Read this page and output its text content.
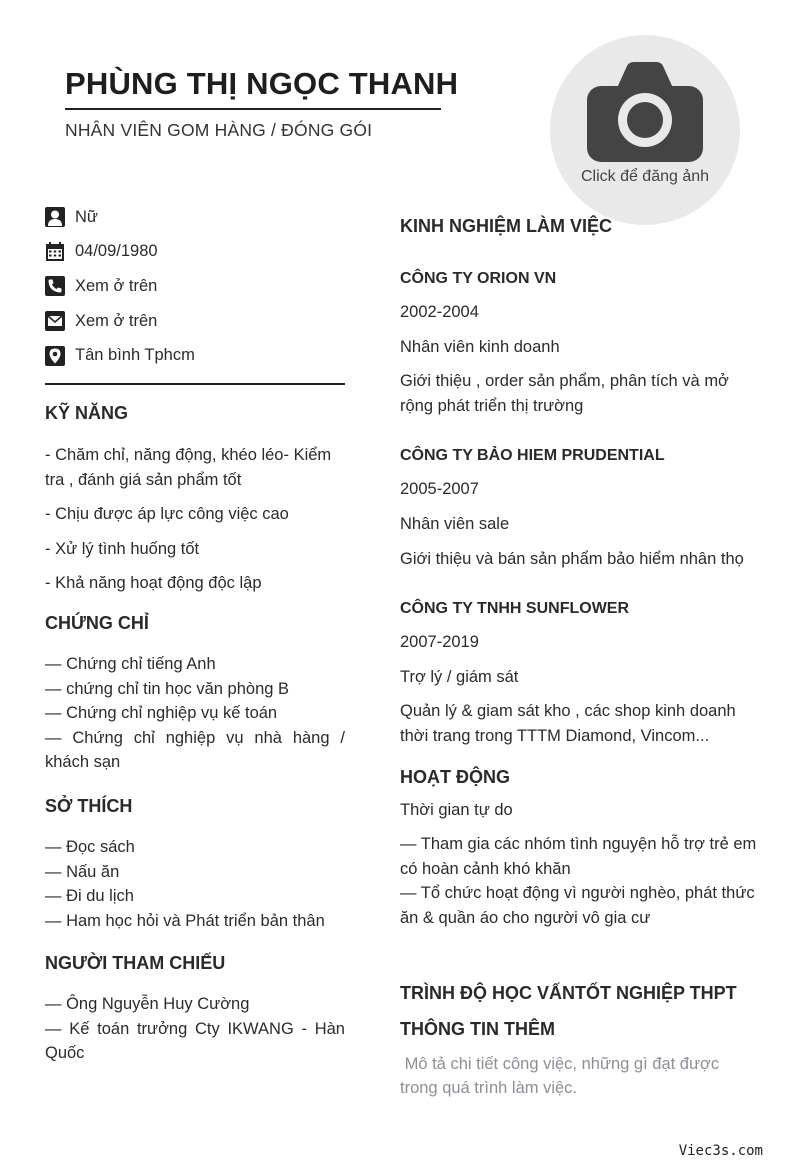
PHÙNG THỊ NGỌC THANH
NHÂN VIÊN GOM HÀNG / ĐÓNG GÓI
Click để đăng ảnh
Nữ
04/09/1980
Xem ở trên
Xem ở trên
Tân bình Tphcm
KỸ NĂNG
- Chăm chỉ, năng động, khéo léo- Kiểm tra , đánh giá sản phẩm tốt
- Chịu được áp lực công việc cao
- Xử lý tình huống tốt
- Khả năng hoạt động độc lập
CHỨNG CHỈ
— Chứng chỉ tiếng Anh
— chứng chỉ tin học văn phòng B
— Chứng chỉ nghiệp vụ kế toán
— Chứng chỉ nghiệp vụ nhà hàng / khách sạn
SỞ THÍCH
— Đọc sách
— Nấu ăn
— Đi du lịch
— Ham học hỏi và Phát triển bản thân
NGƯỜI THAM CHIẾU
— Ông Nguyễn Huy Cường
— Kế toán trưởng Cty IKWANG - Hàn Quốc
KINH NGHIỆM LÀM VIỆC
CÔNG TY ORION VN
2002-2004
Nhân viên kinh doanh
Giới thiệu , order sản phẩm, phân tích và mở rộng phát triển thị trường
CÔNG TY BẢO HIEM PRUDENTIAL
2005-2007
Nhân viên sale
Giới thiệu và bán sản phẩm bảo hiểm nhân thọ
CÔNG TY TNHH SUNFLOWER
2007-2019
Trợ lý / giám sát
Quản lý & giam sát kho , các shop kinh doanh thời trang trong TTTM Diamond, Vincom...
HOẠT ĐỘNG
Thời gian tự do
— Tham gia các nhóm tình nguyện hỗ trợ trẻ em có hoàn cảnh khó khăn
— Tổ chức hoạt động vì người nghèo, phát thức ăn & quần áo cho người vô gia cư
TRÌNH ĐỘ HỌC VẤNTỐT NGHIỆP THPT
THÔNG TIN THÊM
Mô tả chi tiết công việc, những gì đạt được trong quá trình làm việc.
Viec3s.com
